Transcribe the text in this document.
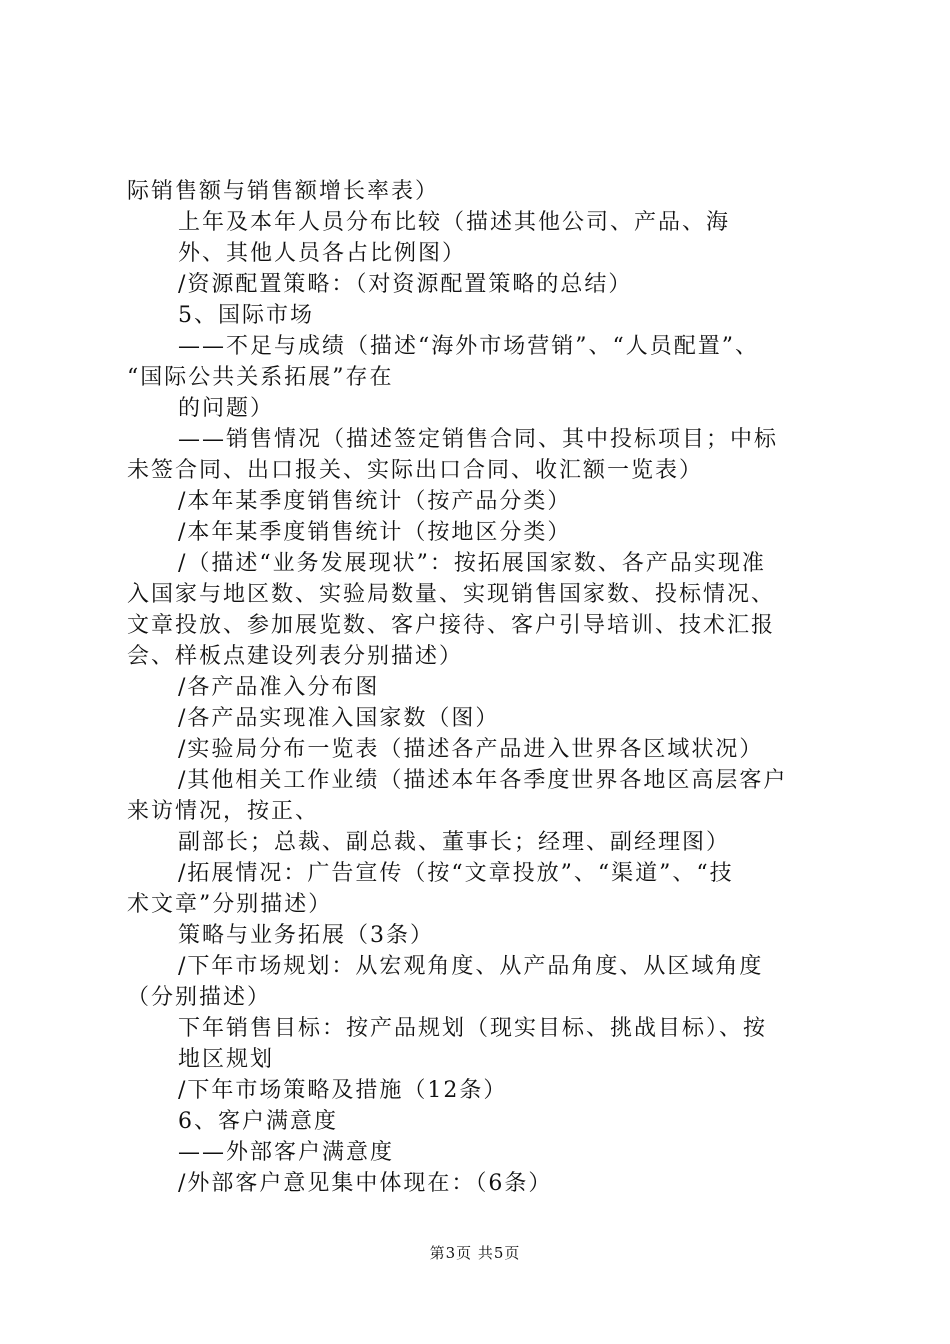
际销售额与销售额增长率表）
上年及本年人员分布比较（描述其他公司、产品、海
外、其他人员各占比例图）
/资源配置策略：（对资源配置策略的总结）
5、国际市场
——不足与成绩（描述“海外市场营销”、“人员配置”、
“国际公共关系拓展”存在
的问题）
——销售情况（描述签定销售合同、其中投标项目；中标
未签合同、出口报关、实际出口合同、收汇额一览表）
/本年某季度销售统计（按产品分类）
/本年某季度销售统计（按地区分类）
/（描述“业务发展现状”：按拓展国家数、各产品实现准
入国家与地区数、实验局数量、实现销售国家数、投标情况、
文章投放、参加展览数、客户接待、客户引导培训、技术汇报
会、样板点建设列表分别描述）
/各产品准入分布图
/各产品实现准入国家数（图）
/实验局分布一览表（描述各产品进入世界各区域状况）
/其他相关工作业绩（描述本年各季度世界各地区高层客户
来访情况，按正、
副部长；总裁、副总裁、董事长；经理、副经理图）
/拓展情况：广告宣传（按“文章投放”、“渠道”、“技
术文章”分别描述）
策略与业务拓展（3条）
/下年市场规划：从宏观角度、从产品角度、从区域角度
（分别描述）
下年销售目标：按产品规划（现实目标、挑战目标）、按
地区规划
/下年市场策略及措施（12条）
6、客户满意度
——外部客户满意度
/外部客户意见集中体现在：（6条）
第3页 共5页
